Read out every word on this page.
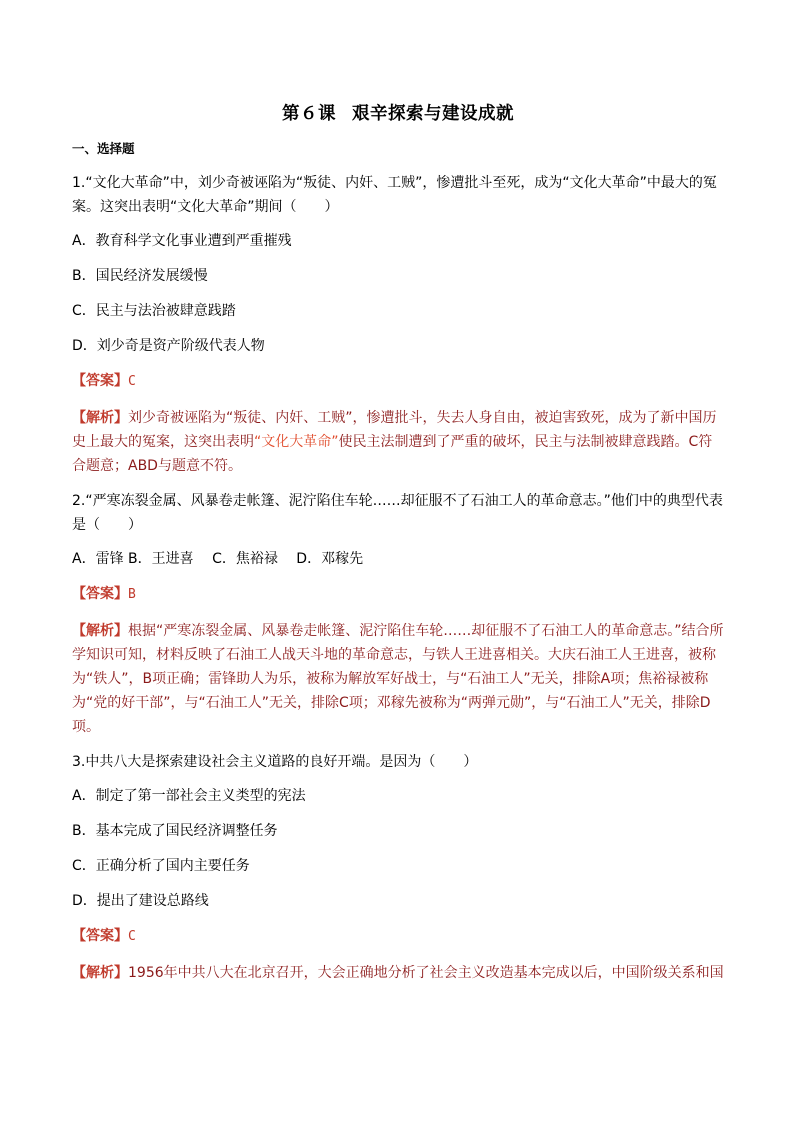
第６课 艰辛探索与建设成就
一、选择题

1.“文化大革命”中，刘少奇被诬陷为“叛徒、内奸、工贼”，惨遭批斗至死，成为“文化大革命”中最大的冤案。这突出表明“文化大革命”期间（　　）

A．教育科学文化事业遭到严重摧残

B．国民经济发展缓慢

C．民主与法治被肆意践踏

D．刘少奇是资产阶级代表人物

【答案】C

【解析】刘少奇被诬陷为“叛徒、内奸、工贼”，惨遭批斗，失去人身自由，被迫害致死，成为了新中国历史上最大的冤案，这突出表明“文化大革命”使民主法制遭到了严重的破坏，民主与法制被肆意践踏。C符合题意；ABD与题意不符。

2.“严寒冻裂金属、风暴卷走帐篷、泥泞陷住车轮……却征服不了石油工人的革命意志。”他们中的典型代表是（　　）

A．雷锋 B．王进喜　 C．焦裕禄　 D．邓稼先

【答案】B

【解析】根据“严寒冻裂金属、风暴卷走帐篷、泥泞陷住车轮……却征服不了石油工人的革命意志。”结合所学知识可知，材料反映了石油工人战天斗地的革命意志，与铁人王进喜相关。大庆石油工人王进喜，被称为“铁人”，B项正确；雷锋助人为乐，被称为解放军好战士，与“石油工人”无关，排除A项；焦裕禄被称为“党的好干部”，与“石油工人”无关，排除C项；邓稼先被称为“两弹元勋”，与“石油工人”无关，排除D项。

3.中共八大是探索建设社会主义道路的良好开端。是因为（　　）

A．制定了第一部社会主义类型的宪法

B．基本完成了国民经济调整任务

C．正确分析了国内主要任务

D．提出了建设总路线

【答案】C

【解析】1956年中共八大在北京召开，大会正确地分析了社会主义改造基本完成以后，中国阶级关系和国
